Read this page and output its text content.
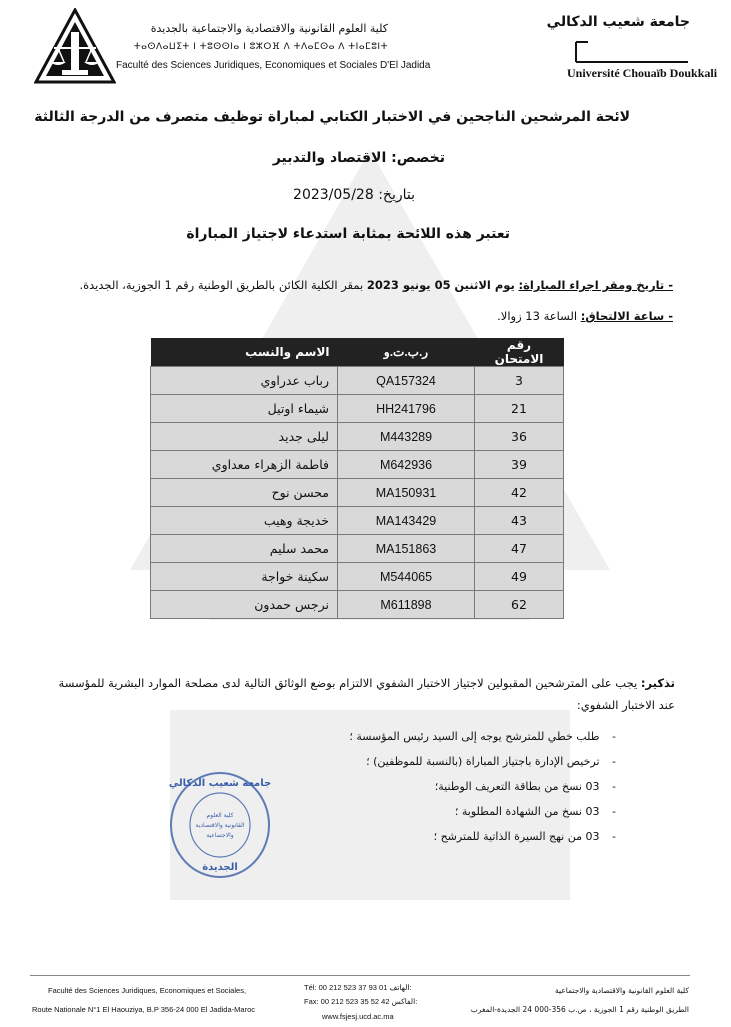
كلية العلوم القانونية والاقتصادية والاجتماعية بالجديدة
ⵜⴰⵙⴷⴰⵡⵉⵜ ⵏ ⵜⵓⵙⵙⵏⴰ ⵏ ⵓⵣⵔⴼ ⴷ ⵜⴷⴰⵎⵙⴰ ⴷ ⵜⵏⴰⵎⵓⵏⵜ
Faculté des Sciences Juridiques, Economiques et Sociales D'El Jadida
جامعة شعيب الدكالي
Université Chouaïb Doukkali
لائحة المرشحين الناجحين في الاختبار الكتابي لمباراة توظيف متصرف من الدرجة الثالثة
تخصص: الاقتصاد والتدبير
بتاريخ: 2023/05/28
تعتبر هذه اللائحة بمثابة استدعاء لاجتياز المباراة
- تاريخ ومقر اجراء المباراة: يوم الاثنين 05 يونيو 2023 بمقر الكلية الكائن بالطريق الوطنية رقم 1 الجوزية، الجديدة.
- ساعة الالتحاق: الساعة 13 زوالا.
رقم الامتحان	ر.ب.ت.و	الاسم والنسب
3	QA157324	رباب عدراوي
21	HH241796	شيماء اوتيل
36	M443289	ليلى جديد
39	M642936	فاطمة الزهراء معداوي
42	MA150931	محسن نوح
43	MA143429	خديجة وهيب
47	MA151863	محمد سليم
49	M544065	سكينة خواجة
62	M611898	نرجس حمدون
تذكير: يجب على المترشحين المقبولين لاجتياز الاختبار الشفوي الالتزام بوضع الوثائق التالية لدى مصلحة الموارد البشرية للمؤسسة عند الاختبار الشفوي:
- طلب خطي للمترشح يوجه إلى السيد رئيس المؤسسة ؛
- ترخيص الإدارة باجتياز المباراة (بالنسبة للموظفين) ؛
- 03 نسخ من بطاقة التعريف الوطنية؛
- 03 نسخ من الشهادة المطلوبة ؛
- 03 من نهج السيرة الذاتية للمترشح ؛
جامعة شعيب الدكالي
كلية العلوم
القانونية والاقتصادية
والاجتماعية
الجديدة
Faculté des Sciences Juridiques, Economiques et Sociales,
Route Nationale N°1 El Haouziya, B.P 356-24 000 El Jadida-Maroc
Tél: 00 212 523 37 93 01 الهاتف:
Fax: 00 212 523 35 52 42 الفاكس:
www.fsjesj.ucd.ac.ma
كلية العلوم القانونية والاقتصادية والاجتماعية
الطريق الوطنية رقم 1 الجوزية ، ص.ب 356-000 24 الجديدة-المغرب
